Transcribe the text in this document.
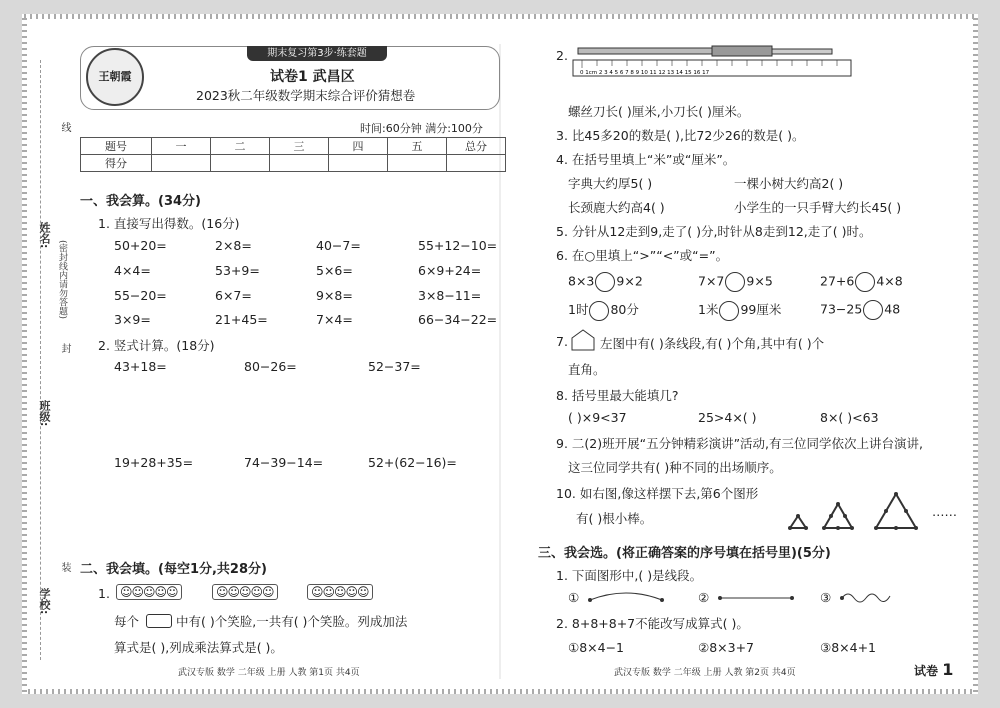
线
姓名:
(密封线内请勿答题)
封
班级:
装
学校:
期末复习第3步·练套题
王朝霞	试卷1 武昌区
2023秋二年级数学期末综合评价猜想卷
时间:60分钟 满分:100分
题号	一	二	三	四	五	总分
得分						
一、我会算。(34分)
1. 直接写出得数。(16分)
50+20=	2×8=	40−7=	55+12−10=
4×4=	53+9=	5×6=	6×9+24=
55−20=	6×7=	9×8=	3×8−11=
3×9=	21+45=	7×4=	66−34−22=
2. 竖式计算。(18分)
43+18=	80−26=	52−37=
19+28+35=	74−39−14=	52+(62−16)=
二、我会填。(每空1分,共28分)
1. ☺☺☺☺☺	☺☺☺☺☺	☺☺☺☺☺
每个	中有( )个笑脸,一共有( )个笑脸。列成加法
算式是( ),列成乘法算式是( )。
武汉专版 数学 二年级 上册 人教 第1页 共4页
2.
0 1cm 2 3 4 5 6 7 8 9 10 11 12 13 14 15 16 17
螺丝刀长( )厘米,小刀长( )厘米。
3. 比45多20的数是( ),比72少26的数是( )。
4. 在括号里填上“米”或“厘米”。
字典大约厚5( )	一棵小树大约高2( )
长颈鹿大约高4( )	小学生的一只手臂大约长45( )
5. 分针从12走到9,走了( )分,时针从8走到12,走了( )时。
6. 在○里填上“>”“<”或“=”。
8×3 9×2	7×7 9×5	27+6 4×8
1时 80分	1米 99厘米	73−25 48
7.	左图中有( )条线段,有( )个角,其中有( )个
直角。
8. 括号里最大能填几?
( )×9<37	25>4×( )	8×( )<63
9. 二(2)班开展“五分钟精彩演讲”活动,有三位同学依次上讲台演讲,
这三位同学共有( )种不同的出场顺序。
10. 如右图,像这样摆下去,第6个图形
有( )根小棒。	……
三、我会选。(将正确答案的序号填在括号里)(5分)
1. 下面图形中,( )是线段。
①	②	③
2. 8+8+8+7不能改写成算式( )。
①8×4−1	②8×3+7	③8×4+1
武汉专版 数学 二年级 上册 人教 第2页 共4页	试卷 1
